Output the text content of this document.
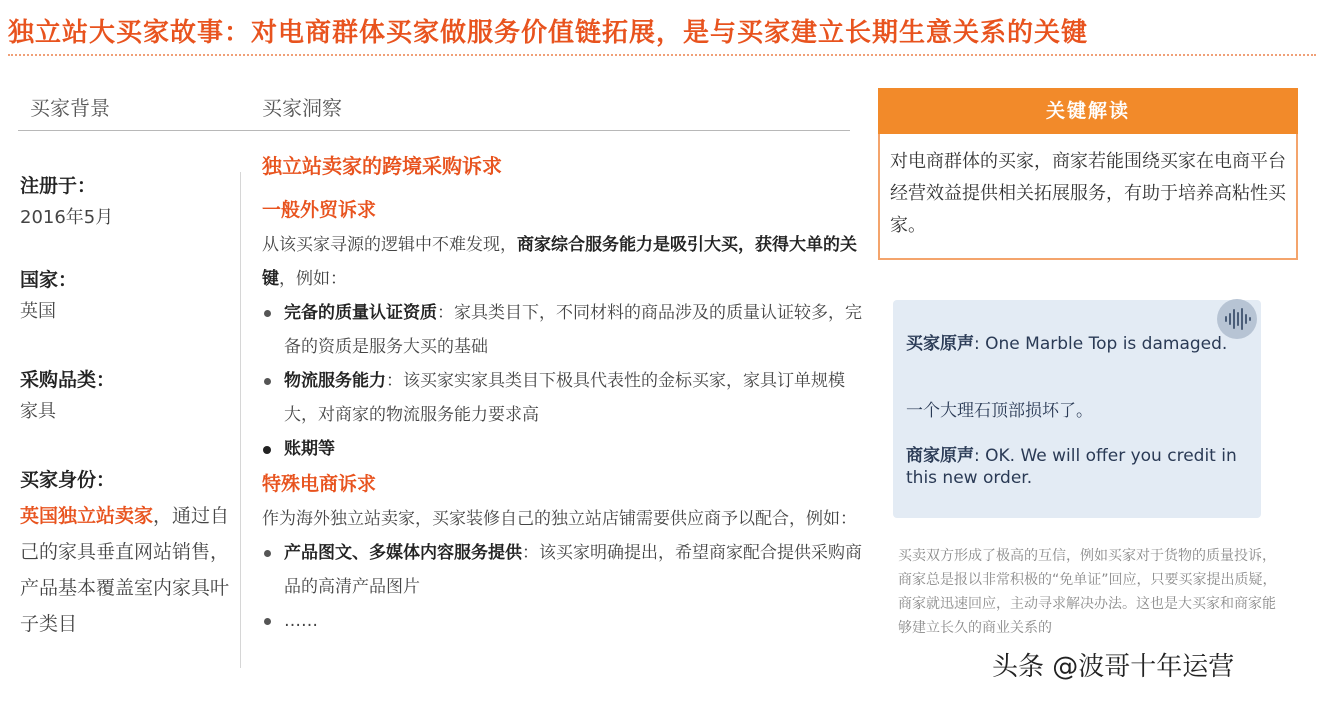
独立站大买家故事：对电商群体买家做服务价值链拓展，是与买家建立长期生意关系的关键
买家背景	买家洞察
注册于：
2016年5月
国家：
英国
采购品类：
家具
买家身份：
英国独立站卖家，通过自己的家具垂直网站销售，产品基本覆盖室内家具叶子类目
独立站卖家的跨境采购诉求
一般外贸诉求
从该买家寻源的逻辑中不难发现，商家综合服务能力是吸引大买，获得大单的关键，例如：
完备的质量认证资质：家具类目下，不同材料的商品涉及的质量认证较多，完备的资质是服务大买的基础
物流服务能力：该买家实家具类目下极具代表性的金标买家，家具订单规模大，对商家的物流服务能力要求高
账期等
特殊电商诉求
作为海外独立站卖家，买家装修自己的独立站店铺需要供应商予以配合，例如：
产品图文、多媒体内容服务提供：该买家明确提出，希望商家配合提供采购商品的高清产品图片
……
关键解读
对电商群体的买家，商家若能围绕买家在电商平台经营效益提供相关拓展服务，有助于培养高粘性买家。
买家原声: One Marble Top is damaged.
一个大理石顶部损坏了。
商家原声: OK. We will offer you credit in this new order.
买卖双方形成了极高的互信，例如买家对于货物的质量投诉，商家总是报以非常积极的“免单证”回应，只要买家提出质疑，商家就迅速回应，主动寻求解决办法。这也是大买家和商家能够建立长久的商业关系的
头条 @波哥十年运营
